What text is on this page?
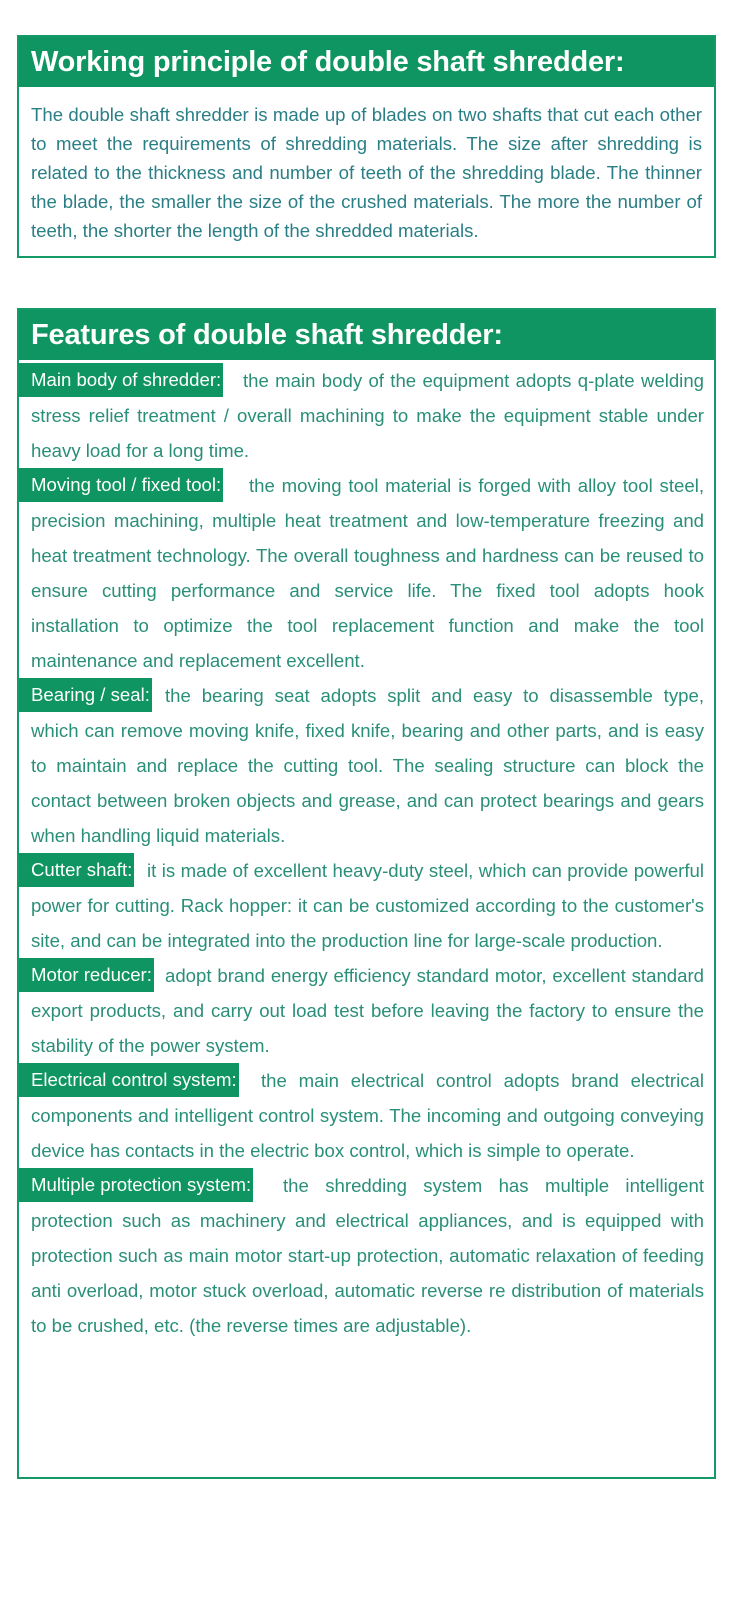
Working principle of double shaft shredder:
The double shaft shredder is made up of blades on two shafts that cut each other to meet the requirements of shredding materials. The size after shredding is related to the thickness and number of teeth of the shredding blade. The thinner the blade, the smaller the size of the crushed materials. The more the number of teeth, the shorter the length of the shredded materials.
Features of double shaft shredder:
Main body of shredder:	the main body of the equipment adopts q-plate welding stress relief treatment / overall machining to make the equipment stable under heavy load for a long time.
Moving tool / fixed tool:	the moving tool material is forged with alloy tool steel, precision machining, multiple heat treatment and low-temperature freezing and heat treatment technology. The overall toughness and hardness can be reused to ensure cutting performance and service life. The fixed tool adopts hook installation to optimize the tool replacement function and make the tool maintenance and replacement excellent.
Bearing / seal: the bearing seat adopts split and easy to disassemble type, which can remove moving knife, fixed knife, bearing and other parts, and is easy to maintain and replace the cutting tool. The sealing structure can block the contact between broken objects and grease, and can protect bearings and gears when handling liquid materials.
Cutter shaft: it is made of excellent heavy-duty steel, which can provide powerful power for cutting. Rack hopper: it can be customized according to the customer's site, and can be integrated into the production line for large-scale production.
Motor reducer: adopt brand energy efficiency standard motor, excellent standard export products, and carry out load test before leaving the factory to ensure the stability of the power system.
Electrical control system:	the main electrical control adopts brand electrical components and intelligent control system. The incoming and outgoing conveying device has contacts in the electric box control, which is simple to operate.
Multiple protection system:	the shredding system has multiple intelligent protection such as machinery and electrical appliances, and is equipped with protection such as main motor start-up protection, automatic relaxation of feeding anti overload, motor stuck overload, automatic reverse re distribution of materials to be crushed, etc. (the reverse times are adjustable).
